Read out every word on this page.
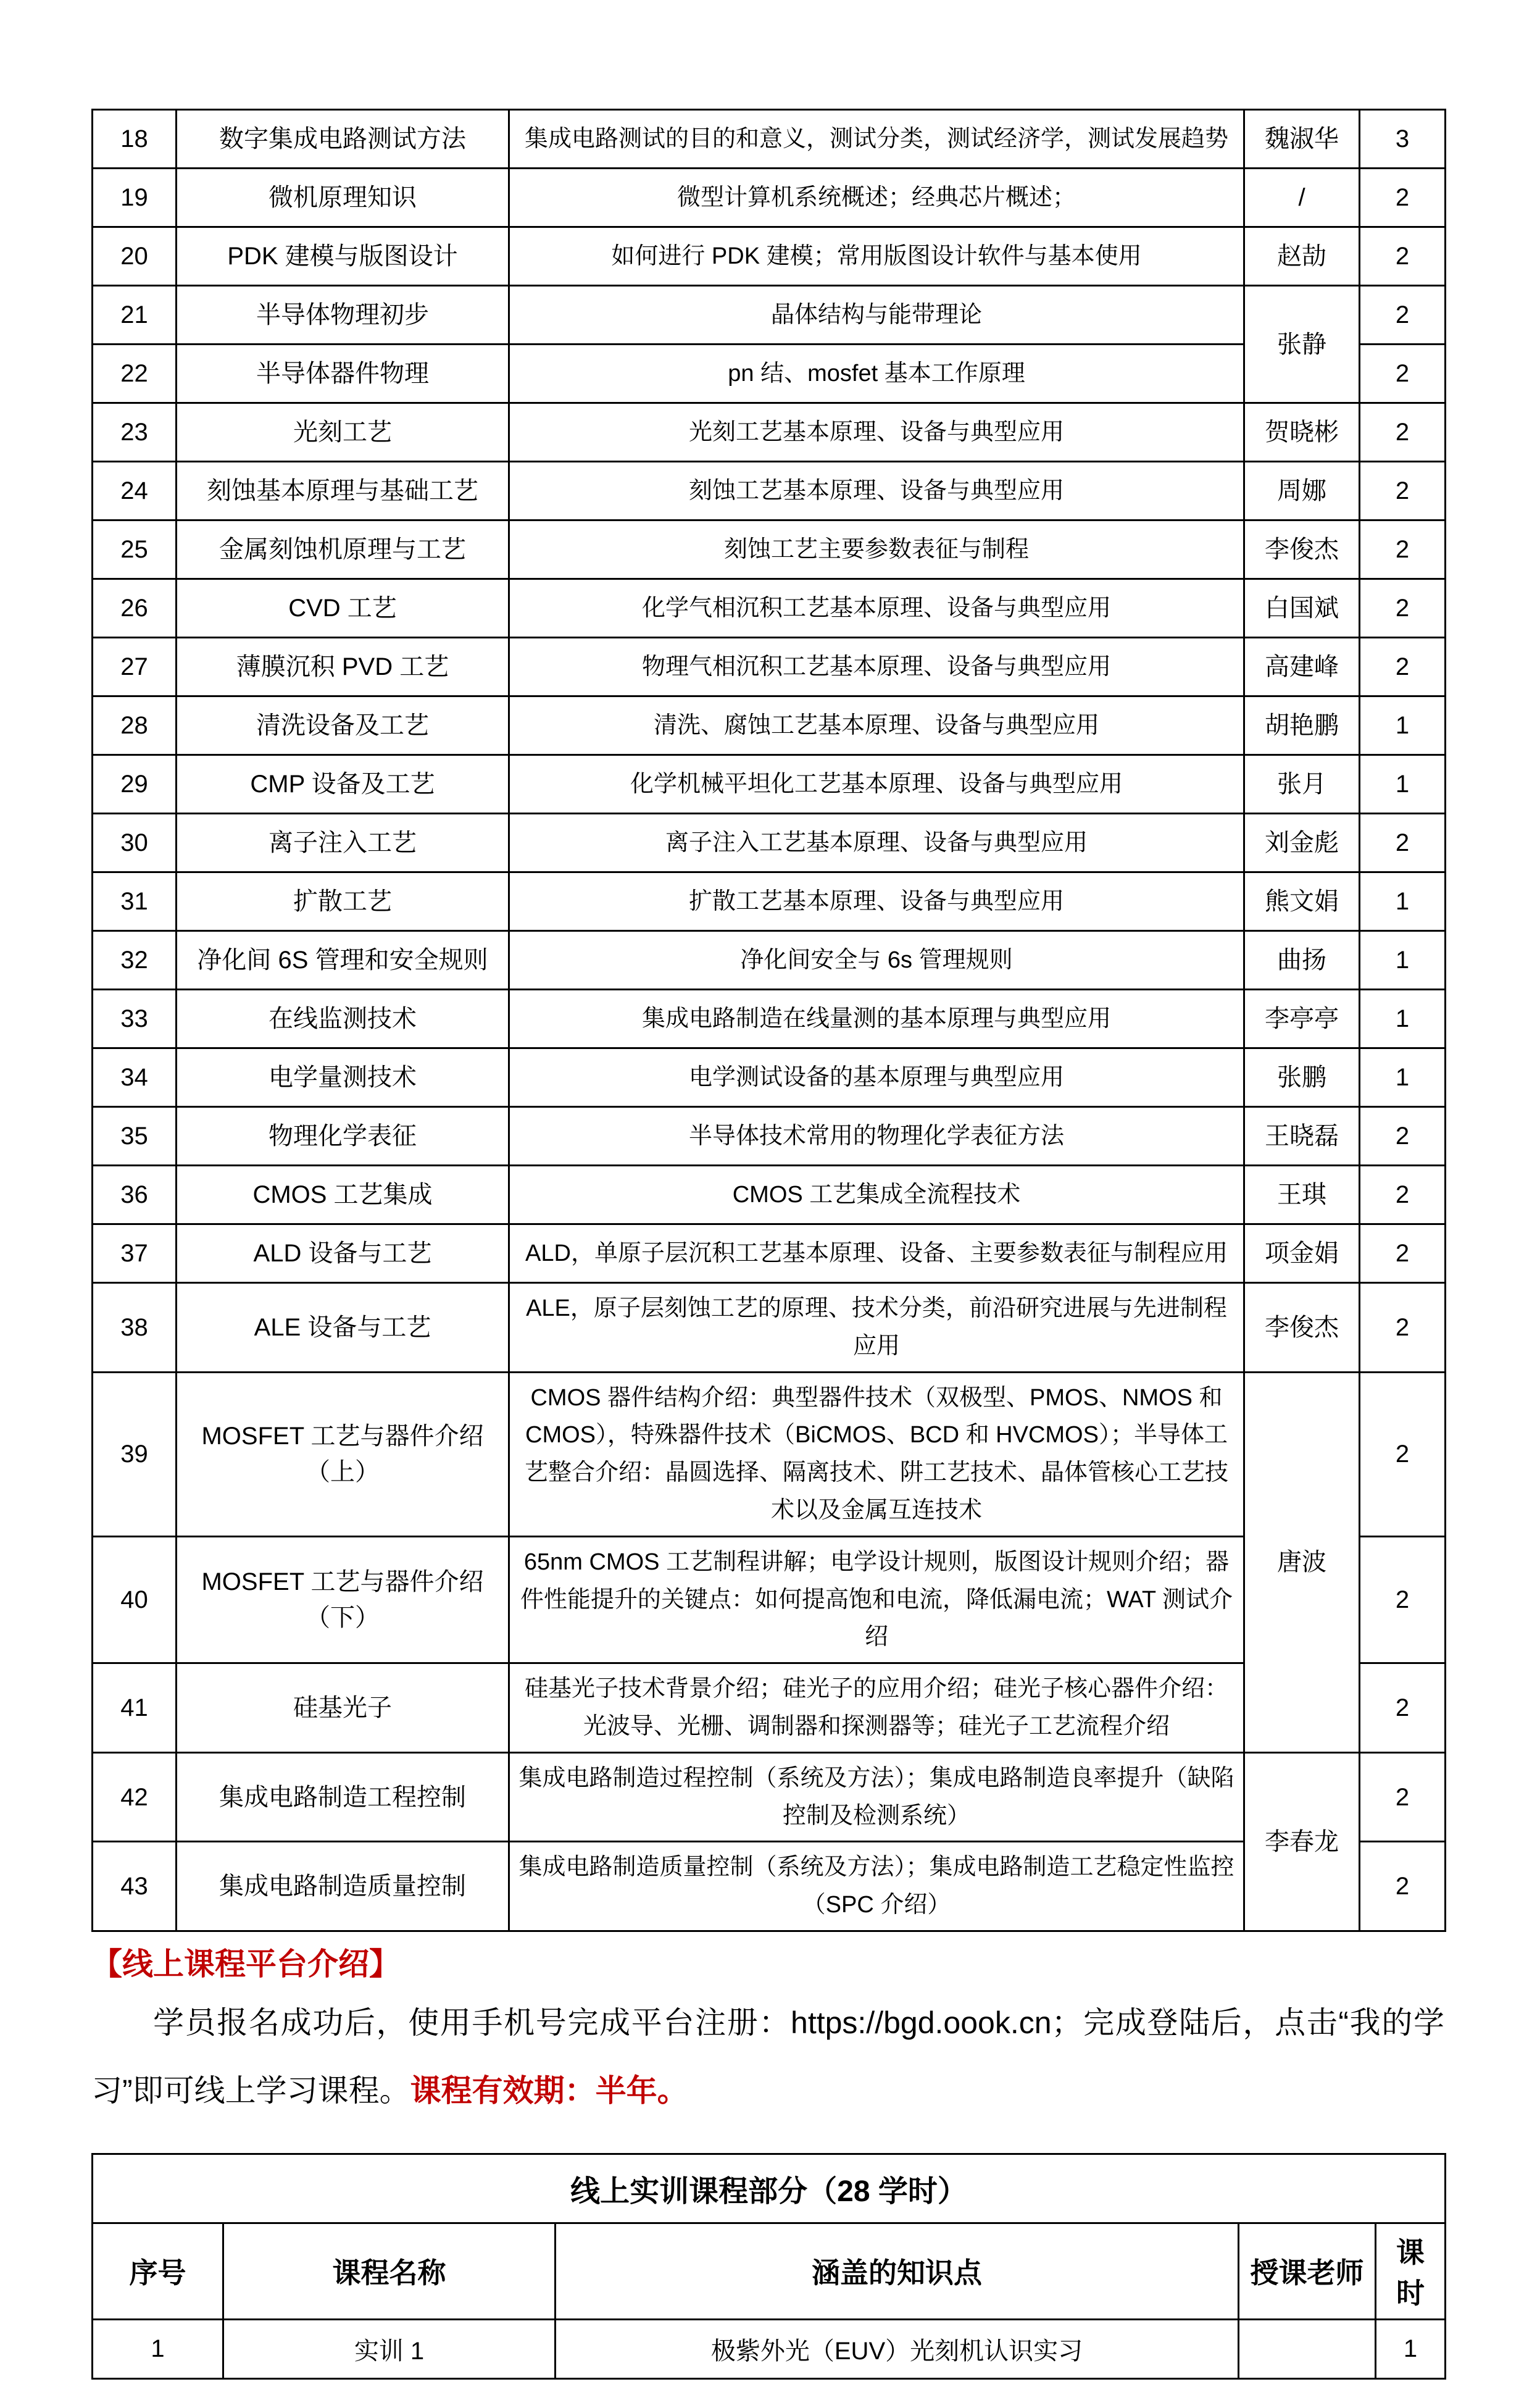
18	数字集成电路测试方法	集成电路测试的目的和意义，测试分类，测试经济学，测试发展趋势	魏淑华	3
19	微机原理知识	微型计算机系统概述；经典芯片概述；	/	2
20	PDK 建模与版图设计	如何进行 PDK 建模；常用版图设计软件与基本使用	赵劼	2
21	半导体物理初步	晶体结构与能带理论	张静	2
22	半导体器件物理	pn 结、mosfet 基本工作原理		2
23	光刻工艺	光刻工艺基本原理、设备与典型应用	贺晓彬	2
24	刻蚀基本原理与基础工艺	刻蚀工艺基本原理、设备与典型应用	周娜	2
25	金属刻蚀机原理与工艺	刻蚀工艺主要参数表征与制程	李俊杰	2
26	CVD 工艺	化学气相沉积工艺基本原理、设备与典型应用	白国斌	2
27	薄膜沉积 PVD 工艺	物理气相沉积工艺基本原理、设备与典型应用	高建峰	2
28	清洗设备及工艺	清洗、腐蚀工艺基本原理、设备与典型应用	胡艳鹏	1
29	CMP 设备及工艺	化学机械平坦化工艺基本原理、设备与典型应用	张月	1
30	离子注入工艺	离子注入工艺基本原理、设备与典型应用	刘金彪	2
31	扩散工艺	扩散工艺基本原理、设备与典型应用	熊文娟	1
32	净化间 6S 管理和安全规则	净化间安全与 6s 管理规则	曲扬	1
33	在线监测技术	集成电路制造在线量测的基本原理与典型应用	李亭亭	1
34	电学量测技术	电学测试设备的基本原理与典型应用	张鹏	1
35	物理化学表征	半导体技术常用的物理化学表征方法	王晓磊	2
36	CMOS 工艺集成	CMOS 工艺集成全流程技术	王琪	2
37	ALD 设备与工艺	ALD，单原子层沉积工艺基本原理、设备、主要参数表征与制程应用	项金娟	2
38	ALE 设备与工艺	ALE，原子层刻蚀工艺的原理、技术分类，前沿研究进展与先进制程应用	李俊杰	2
39	MOSFET 工艺与器件介绍（上）	CMOS 器件结构介绍：典型器件技术（双极型、PMOS、NMOS 和 CMOS），特殊器件技术（BiCMOS、BCD 和 HVCMOS）；半导体工艺整合介绍：晶圆选择、隔离技术、阱工艺技术、晶体管核心工艺技术以及金属互连技术	唐波	2
40	MOSFET 工艺与器件介绍（下）	65nm CMOS 工艺制程讲解；电学设计规则，版图设计规则介绍；器件性能提升的关键点：如何提高饱和电流，降低漏电流；WAT 测试介绍		2
41	硅基光子	硅基光子技术背景介绍；硅光子的应用介绍；硅光子核心器件介绍：光波导、光栅、调制器和探测器等；硅光子工艺流程介绍		2
42	集成电路制造工程控制	集成电路制造过程控制（系统及方法）；集成电路制造良率提升（缺陷控制及检测系统）	李春龙	2
43	集成电路制造质量控制	集成电路制造质量控制（系统及方法）；集成电路制造工艺稳定性监控（SPC 介绍）		2

【线上课程平台介绍】

学员报名成功后，使用手机号完成平台注册：https://bgd.oook.cn；完成登陆后，点击“我的学习”即可线上学习课程。课程有效期：半年。

线上实训课程部分（28 学时）				
序号	课程名称	涵盖的知识点	授课老师	课时
1	实训 1	极紫外光（EUV）光刻机认识实习		1
